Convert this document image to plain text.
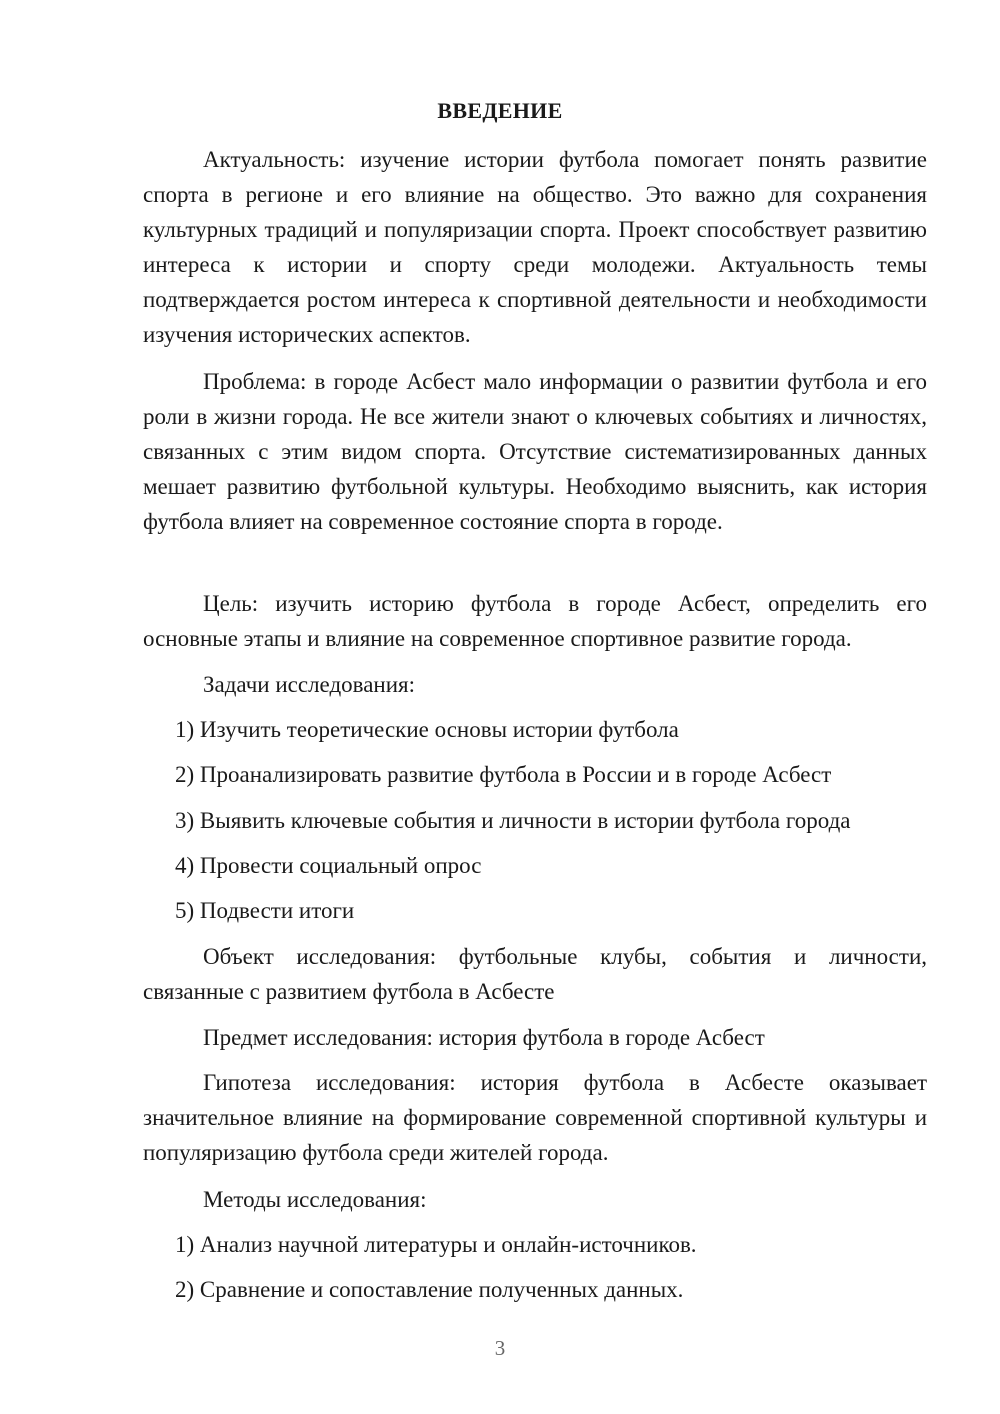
ВВЕДЕНИЕ

Актуальность: изучение истории футбола помогает понять развитие спорта в регионе и его влияние на общество. Это важно для сохранения культурных традиций и популяризации спорта. Проект способствует развитию интереса к истории и спорту среди молодежи. Актуальность темы подтверждается ростом интереса к спортивной деятельности и необходимости изучения исторических аспектов.

Проблема: в городе Асбест мало информации о развитии футбола и его роли в жизни города. Не все жители знают о ключевых событиях и личностях, связанных с этим видом спорта. Отсутствие систематизированных данных мешает развитию футбольной культуры. Необходимо выяснить, как история футбола влияет на современное состояние спорта в городе.

Цель: изучить историю футбола в городе Асбест, определить его основные этапы и влияние на современное спортивное развитие города.

Задачи исследования:

1) Изучить теоретические основы истории футбола

2) Проанализировать развитие футбола в России и в городе Асбест

3) Выявить ключевые события и личности в истории футбола города

4) Провести социальный опрос

5) Подвести итоги

Объект исследования: футбольные клубы, события и личности, связанные с развитием футбола в Асбесте

Предмет исследования: история футбола в городе Асбест

Гипотеза исследования: история футбола в Асбесте оказывает значительное влияние на формирование современной спортивной культуры и популяризацию футбола среди жителей города.

Методы исследования:

1) Анализ научной литературы и онлайн-источников.

2) Сравнение и сопоставление полученных данных.

3
